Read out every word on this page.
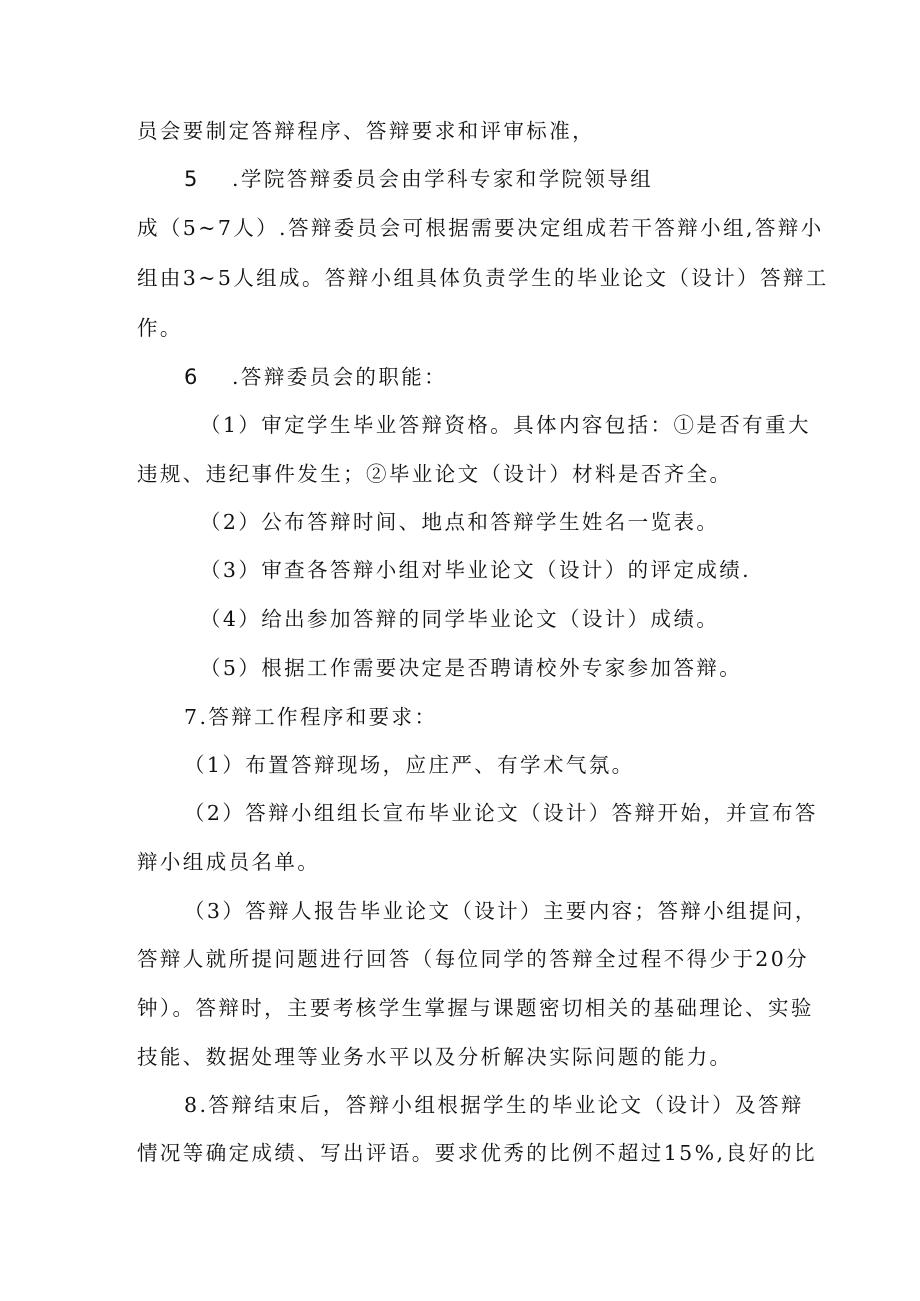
员会要制定答辩程序、答辩要求和评审标准，
5 .学院答辩委员会由学科专家和学院领导组
成（5~7人）.答辩委员会可根据需要决定组成若干答辩小组,答辩小
组由3~5人组成。答辩小组具体负责学生的毕业论文（设计）答辩工
作。
6 .答辩委员会的职能：
（1）审定学生毕业答辩资格。具体内容包括：①是否有重大
违规、违纪事件发生；②毕业论文（设计）材料是否齐全。
（2）公布答辩时间、地点和答辩学生姓名一览表。
（3）审查各答辩小组对毕业论文（设计）的评定成绩.
（4）给出参加答辩的同学毕业论文（设计）成绩。
（5）根据工作需要决定是否聘请校外专家参加答辩。
7.答辩工作程序和要求：
（1）布置答辩现场，应庄严、有学术气氛。
（2）答辩小组组长宣布毕业论文（设计）答辩开始，并宣布答
辩小组成员名单。
（3）答辩人报告毕业论文（设计）主要内容；答辩小组提问，
答辩人就所提问题进行回答（每位同学的答辩全过程不得少于20分
钟）。答辩时，主要考核学生掌握与课题密切相关的基础理论、实验
技能、数据处理等业务水平以及分析解决实际问题的能力。
8.答辩结束后，答辩小组根据学生的毕业论文（设计）及答辩
情况等确定成绩、写出评语。要求优秀的比例不超过15%,良好的比
